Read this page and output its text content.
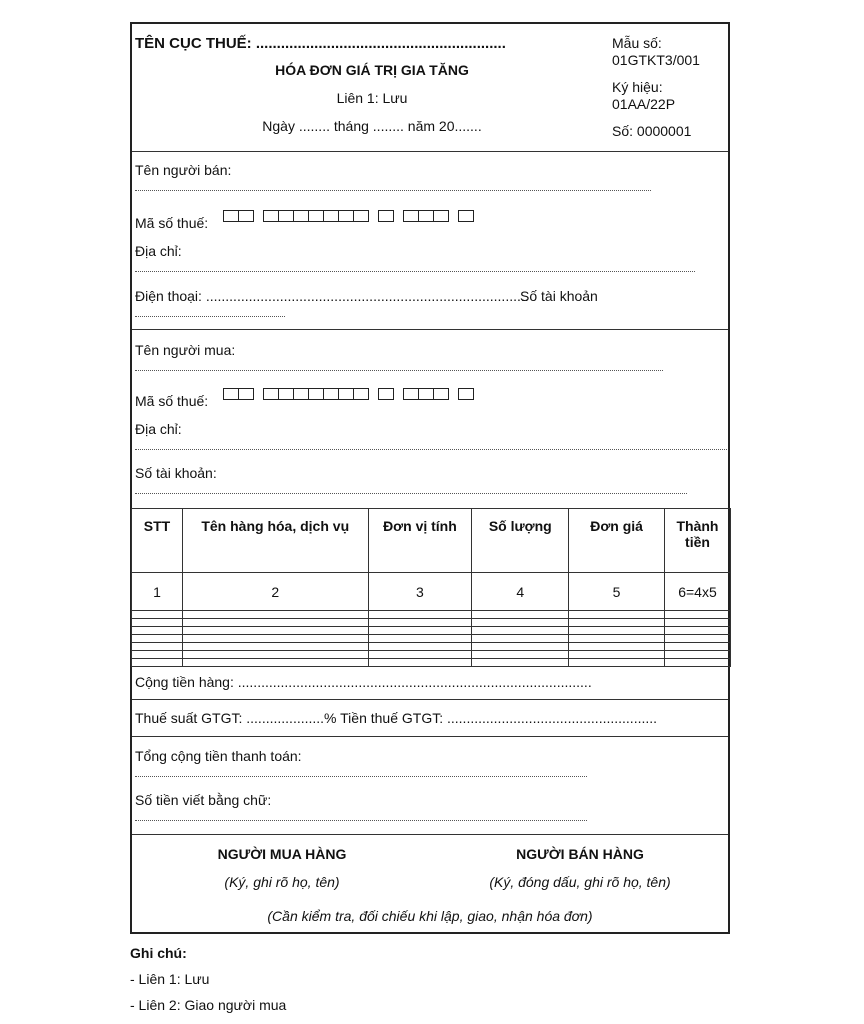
TÊN CỤC THUẾ: ............................................................
HÓA ĐƠN GIÁ TRỊ GIA TĂNG
Liên 1: Lưu
Ngày ........ tháng ........ năm 20.......
Mẫu số:
01GTKT3/001
Ký hiệu:
01AA/22P
Số: 0000001
Tên người bán:
Mã số thuế:
Địa chỉ:
Điện thoại: ...................................................................................
Số tài khoản
Tên người mua:
Mã số thuế:
Địa chỉ:
Số tài khoản:
STT	Tên hàng hóa, dịch vụ	Đơn vị tính	Số lượng	Đơn giá	Thành tiền
1	2	3	4	5	6=4x5

Cộng tiền hàng: ...........................................................................................
Thuế suất GTGT: ....................% Tiền thuế GTGT: ......................................................
Tổng cộng tiền thanh toán:
Số tiền viết bằng chữ:
NGƯỜI MUA HÀNG
(Ký, ghi rõ họ, tên)
NGƯỜI BÁN HÀNG
(Ký, đóng dấu, ghi rõ họ, tên)
(Cần kiểm tra, đối chiếu khi lập, giao, nhận hóa đơn)
Ghi chú:
- Liên 1: Lưu
- Liên 2: Giao người mua
